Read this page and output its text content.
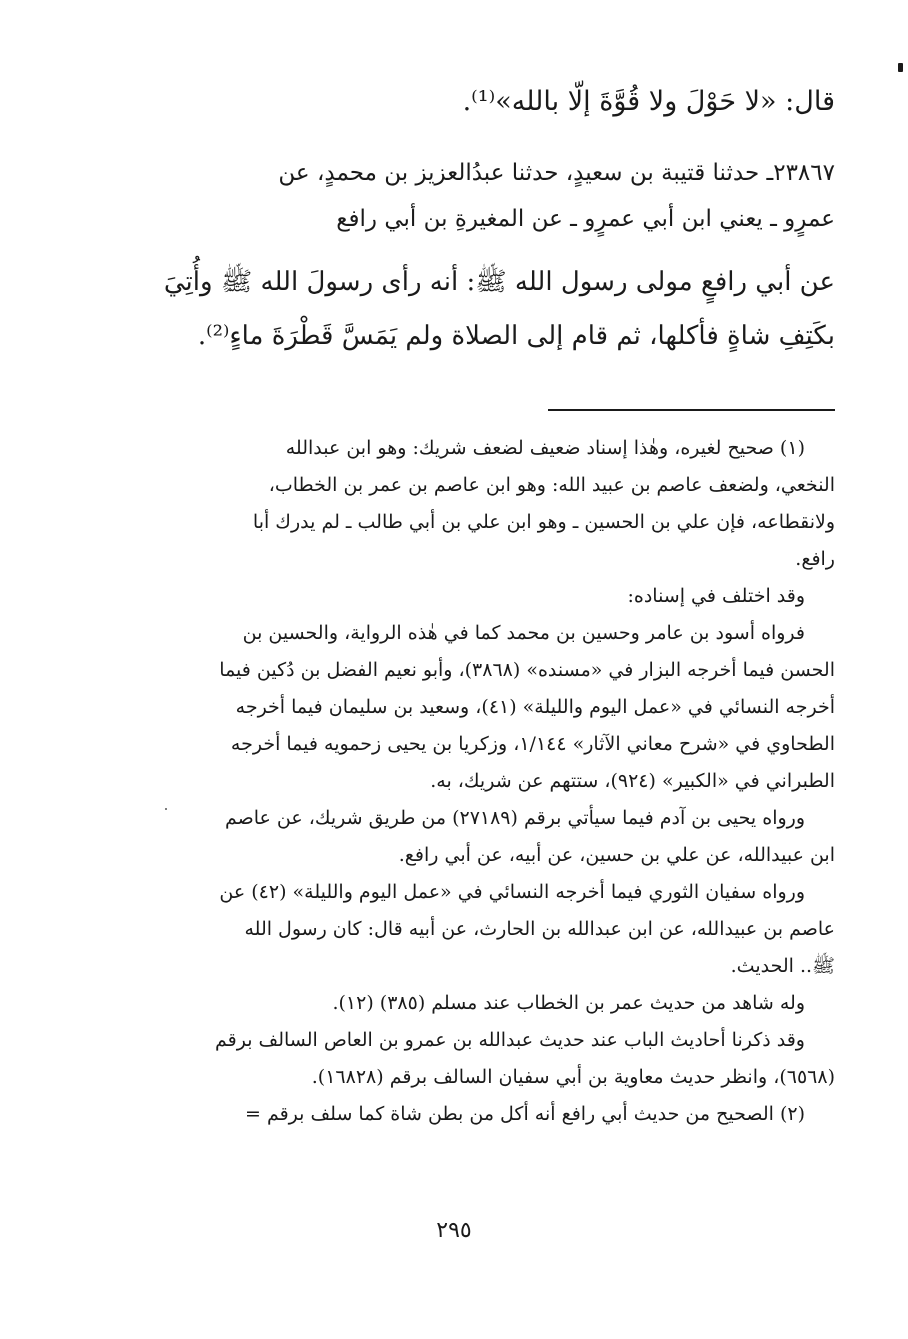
قال: «لا حَوْلَ ولا قُوَّةَ إلَّا بالله»⁽¹⁾.
٢٣٨٦٧ـ حدثنا قتيبة بن سعيدٍ، حدثنا عبدُالعزيز بن محمدٍ، عن
عمرٍو ـ يعني ابن أبي عمرٍو ـ عن المغيرةِ بن أبي رافع
عن أبي رافعٍ مولى رسول الله ﷺ: أنه رأى رسولَ الله ﷺ وأُتِيَ
بكَتِفِ شاةٍ فأكلها، ثم قام إلى الصلاة ولم يَمَسَّ قَطْرَةَ ماءٍ⁽²⁾.
(١) صحيح لغيره، وهٰذا إسناد ضعيف لضعف شريك: وهو ابن عبدالله
النخعي، ولضعف عاصم بن عبيد الله: وهو ابن عاصم بن عمر بن الخطاب،
ولانقطاعه، فإن علي بن الحسين ـ وهو ابن علي بن أبي طالب ـ لم يدرك أبا
رافع.
وقد اختلف في إسناده:
فرواه أسود بن عامر وحسين بن محمد كما في هٰذه الرواية، والحسين بن
الحسن فيما أخرجه البزار في «مسنده» (٣٨٦٨)، وأبو نعيم الفضل بن دُكين فيما
أخرجه النسائي في «عمل اليوم والليلة» (٤١)، وسعيد بن سليمان فيما أخرجه
الطحاوي في «شرح معاني الآثار» ١/١٤٤، وزكريا بن يحيى زحمويه فيما أخرجه
الطبراني في «الكبير» (٩٢٤)، ستتهم عن شريك، به.
ورواه يحيى بن آدم فيما سيأتي برقم (٢٧١٨٩) من طريق شريك، عن عاصم
ابن عبيدالله، عن علي بن حسين، عن أبيه، عن أبي رافع.
ورواه سفيان الثوري فيما أخرجه النسائي في «عمل اليوم والليلة» (٤٢) عن
عاصم بن عبيدالله، عن ابن عبدالله بن الحارث، عن أبيه قال: كان رسول الله
ﷺ.. الحديث.
وله شاهد من حديث عمر بن الخطاب عند مسلم (٣٨٥) (١٢).
وقد ذكرنا أحاديث الباب عند حديث عبدالله بن عمرو بن العاص السالف برقم
(٦٥٦٨)، وانظر حديث معاوية بن أبي سفيان السالف برقم (١٦٨٢٨).
(٢) الصحيح من حديث أبي رافع أنه أكل من بطن شاة كما سلف برقم =
٢٩٥
